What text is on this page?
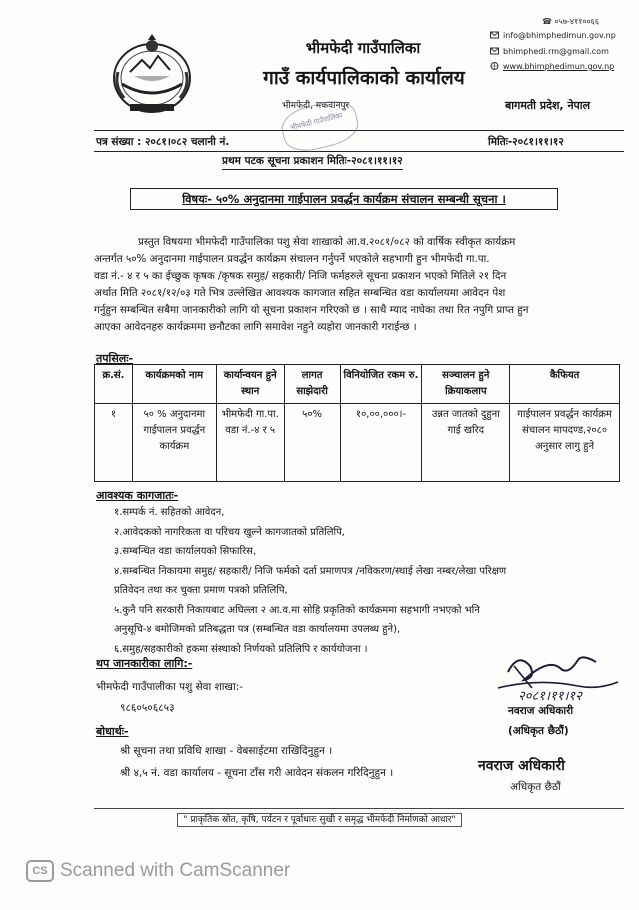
भीमफेदी गाउँपालिका
गाउँ कार्यपालिकाको कार्यालय
भीमफेदी, मकवानपुर
भीमफेदी गाउँपालिका
☎ ०५७-४११००६६
info@bhimphedimun.gov.np
bhimphedi.rm@gmail.com
www.bhimphedimun.gov.np
बागमती प्रदेश, नेपाल
पत्र संख्या : २०८१।०८२ चलानी नं.	मितिः-२०८१।११।१२
प्रथम पटक सूचना प्रकाशन मितिः-२०८१।११।१२
विषयः- ५०% अनुदानमा गाईपालन प्रवर्द्धन कार्यक्रम संचालन सम्बन्धी सूचना ।
प्रस्तुत विषयमा भीमफेदी गाउँपालिका पशु सेवा शाखाको आ.व.२०८१/०८२ को वार्षिक स्वीकृत कार्यक्रम
अन्तर्गत ५०% अनुदानमा गाईपालन प्रवर्द्धन कार्यक्रम संचालन गर्नुपर्ने भएकोले सहभागी हुन भीमफेदी गा.पा.
वडा नं.- ४ र ५ का ईच्छुक कृषक /कृषक समुह/ सहकारी/ निजि फर्महरुले सूचना प्रकाशन भएको मितिले २१ दिन
अर्थात मिति २०८१/१२/०३ गते भित्र उल्लेखित आवश्यक कागजात सहित सम्बन्धित वडा कार्यालयमा आवेदन पेश
गर्नुहुन सम्बन्धित सबैमा जानकारीको लागि यो सूचना प्रकाशन गरिएको छ । साथै म्याद नाघेका तथा रित नपुगि प्राप्त हुन
आएका आवेदनहरु कार्यक्रममा छनौटका लागि समावेश नहुने व्यहोरा जानकारी गराईन्छ ।
तपसिलः-
क्र.सं.	कार्यक्रमको नाम	कार्यान्वयन हुने स्थान	लागत साझेदारी	विनियोजित रकम रु.	सञ्चालन हुने क्रियाकलाप	कैफियत
१	५० % अनुदानमा गाईपालन प्रवर्द्धन कार्यक्रम	भीमफेदी गा.पा. वडा नं.-४ र ५	५०%	१०,००,०००।-	उन्नत जातको दुहुना गाई खरिद	गाईपालन प्रवर्द्धन कार्यक्रम संचालन मापदण्ड,२०८० अनुसार लागु हुने
आवश्यक कागजातः-
१.सम्पर्क नं. सहितको आवेदन,
२.आवेदकको नागरिकता वा परिचय खुल्ने कागजातको प्रतिलिपि,
३.सम्बन्धित वडा कार्यालयको सिफारिस,
४.सम्बन्धित निकायमा समुह/ सहकारी/ निजि फर्मको दर्ता प्रमाणपत्र /नविकरण/स्थाई लेखा नम्बर/लेखा परिक्षण
प्रतिवेदन तथा कर चुक्ता प्रमाण पत्रको प्रतिलिपि,
५.कुनै पनि सरकारी निकायबाट अघिल्ला २ आ.व.मा सोहि प्रकृतिको कार्यक्रममा सहभागी नभएको भनि
अनुसूचि-४ बमोजिमको प्रतिबद्धता पत्र (सम्बन्धित वडा कार्यालयमा उपलब्ध हुने),
६.समुह/सहकारीको हकमा संस्थाको निर्णयको प्रतिलिपि र कार्ययोजना ।
थप जानकारीका लागि:-
भीमफेदी गाउँपालीका पशु सेवा शाखा:-
९८६०५०६८५३
बोधार्थः-
श्री सूचना तथा प्रविधि शाखा - वेबसाईटमा राखिदिनुहुन ।
श्री ४,५ नं. वडा कार्यालय - सूचना टाँस गरी आवेदन संकलन गरिदिनुहुन ।
२०८१।११।१२
नवराज अधिकारी
(अधिकृत छैठौं)
नवराज अधिकारी
अधिकृत छैठौं
" प्राकृतिक स्रोत, कृषि, पर्यटन र पूर्वाधारः सुखी र समृद्ध भीमफेदी निर्माणको आधार"
CS Scanned with CamScanner
